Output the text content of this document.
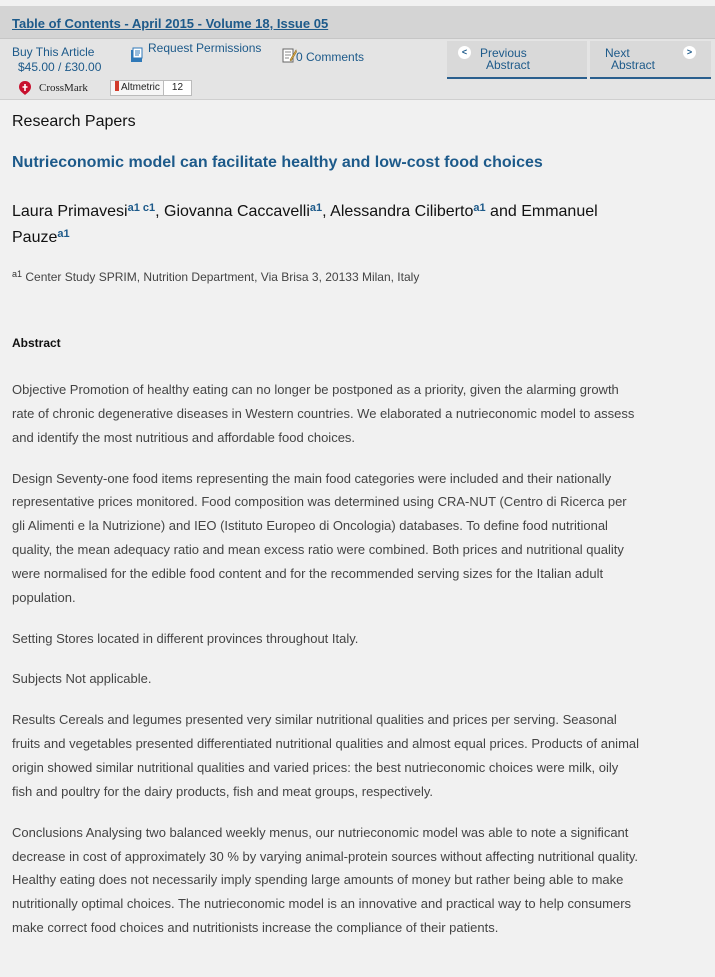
Table of Contents - April 2015 - Volume 18, Issue 05
Buy This Article
$45.00 / £30.00
Request Permissions
0 Comments
CrossMark	Altmetric	12
<	Previous
Abstract
>
Next
Abstract
Research Papers
Nutrieconomic model can facilitate healthy and low-cost food choices
Laura Primavesi$^{a1 c1}$, Giovanna Caccavelli$^{a1}$, Alessandra Ciliberto$^{a1}$ and Emmanuel Pauze$^{a1}$
$^{a1}$ Center Study SPRIM, Nutrition Department, Via Brisa 3, 20133 Milan, Italy
Abstract

Objective Promotion of healthy eating can no longer be postponed as a priority, given the alarming growth rate of chronic degenerative diseases in Western countries. We elaborated a nutrieconomic model to assess and identify the most nutritious and affordable food choices.

Design Seventy-one food items representing the main food categories were included and their nationally representative prices monitored. Food composition was determined using CRA-NUT (Centro di Ricerca per gli Alimenti e la Nutrizione) and IEO (Istituto Europeo di Oncologia) databases. To define food nutritional quality, the mean adequacy ratio and mean excess ratio were combined. Both prices and nutritional quality were normalised for the edible food content and for the recommended serving sizes for the Italian adult population.

Setting Stores located in different provinces throughout Italy.

Subjects Not applicable.

Results Cereals and legumes presented very similar nutritional qualities and prices per serving. Seasonal fruits and vegetables presented differentiated nutritional qualities and almost equal prices. Products of animal origin showed similar nutritional qualities and varied prices: the best nutrieconomic choices were milk, oily fish and poultry for the dairy products, fish and meat groups, respectively.

Conclusions Analysing two balanced weekly menus, our nutrieconomic model was able to note a significant decrease in cost of approximately 30 % by varying animal-protein sources without affecting nutritional quality. Healthy eating does not necessarily imply spending large amounts of money but rather being able to make nutritionally optimal choices. The nutrieconomic model is an innovative and practical way to help consumers make correct food choices and nutritionists increase the compliance of their patients.
